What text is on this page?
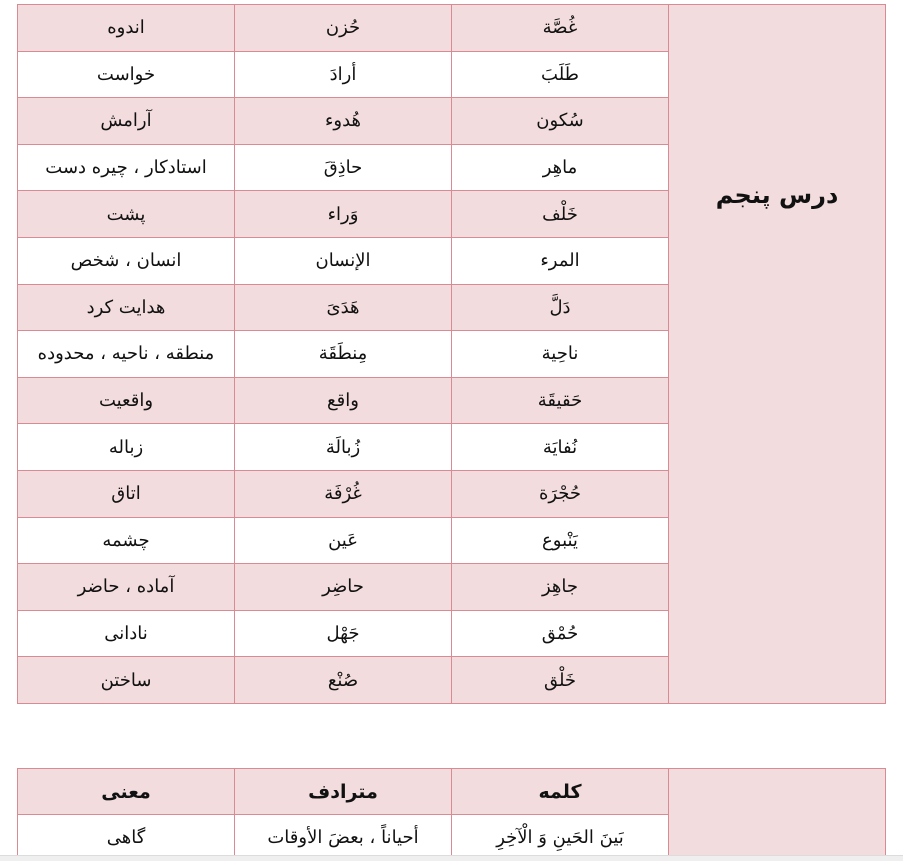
درس پنجم	غُصَّة	حُزن	اندوه
	طَلَبَ	أرادَ	خواست
	سُكون	هُدوء	آرامش
	ماهِر	حاذِقَ	استادکار ، چیره دست
	خَلْف	وَراء	پشت
	المرء	الإنسان	انسان ، شخص
	دَلَّ	هَدَىَ	هدایت کرد
	ناحِية	مِنطَقَة	منطقه ، ناحیه ، محدوده
	حَقيقَة	واقع	واقعیت
	نُفايَة	زُبالَة	زباله
	حُجْرَة	غُرْفَة	اتاق
	يَنْبوع	عَين	چشمه
	جاهِز	حاضِر	آماده ، حاضر
	حُمْق	جَهْل	نادانی
	خَلْق	صُنْع	ساختن
	کلمه	مترادف	معنی
	بَينَ الحَينِ وَ الْآخِرِ	أحياناً ، بعضَ الأوقات	گاهی
